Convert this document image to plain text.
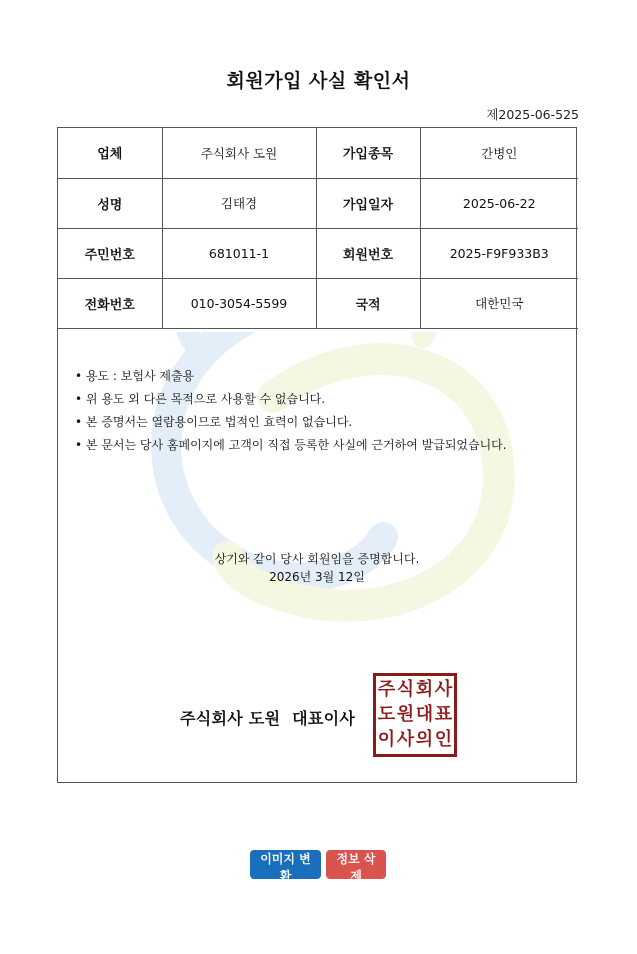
회원가입 사실 확인서
제2025-06-525
업체	주식회사 도원	가입종목	간병인
성명	김태경	가입일자	2025-06-22
주민번호	681011-1	회원번호	2025-F9F933B3
전화번호	010-3054-5599	국적	대한민국
• 용도 : 보험사 제출용
• 위 용도 외 다른 목적으로 사용할 수 없습니다.
• 본 증명서는 열람용이므로 법적인 효력이 없습니다.
• 본 문서는 당사 홈페이지에 고객이 직접 등록한 사실에 근거하여 발급되었습니다.
상기와 같이 당사 회원임을 증명합니다.
2026년 3월 12일
주식회사 도원  대표이사
주 식 회 사
도 원 대 표
이 사 의 인
이미지 변환
정보 삭제
